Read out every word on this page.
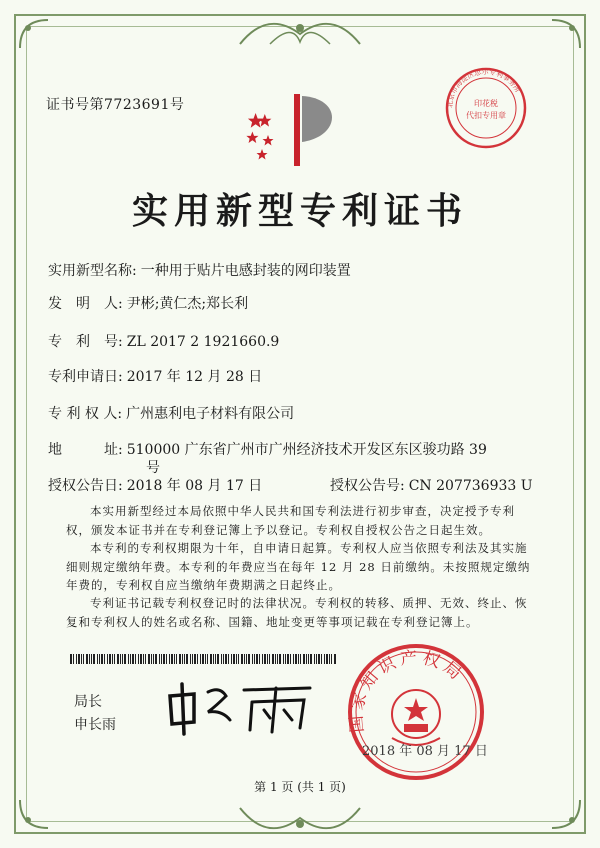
证书号第7723691号	北京市海淀区思尔专利事务所
印花税
代扣专用章
实用新型专利证书
实用新型名称: 一种用于贴片电感封装的网印装置
发　明　人: 尹彬;黄仁杰;郑长利
专　利　号: ZL 2017 2 1921660.9
专利申请日: 2017 年 12 月 28 日
专 利 权 人: 广州惠利电子材料有限公司
地　　　址: 510000 广东省广州市广州经济技术开发区东区骏功路 39
号
授权公告日: 2018 年 08 月 17 日	授权公告号: CN 207736933 U
本实用新型经过本局依照中华人民共和国专利法进行初步审查，决定授予专利权，颁发本证书并在专利登记簿上予以登记。专利权自授权公告之日起生效。
本专利的专利权期限为十年，自申请日起算。专利权人应当依照专利法及其实施细则规定缴纳年费。本专利的年费应当在每年 12 月 28 日前缴纳。未按照规定缴纳年费的，专利权自应当缴纳年费期满之日起终止。
专利证书记载专利权登记时的法律状况。专利权的转移、质押、无效、终止、恢复和专利权人的姓名或名称、国籍、地址变更等事项记载在专利登记簿上。
局长
申长雨	国家知识产权局
2018 年 08 月 17 日
第 1 页 (共 1 页)
